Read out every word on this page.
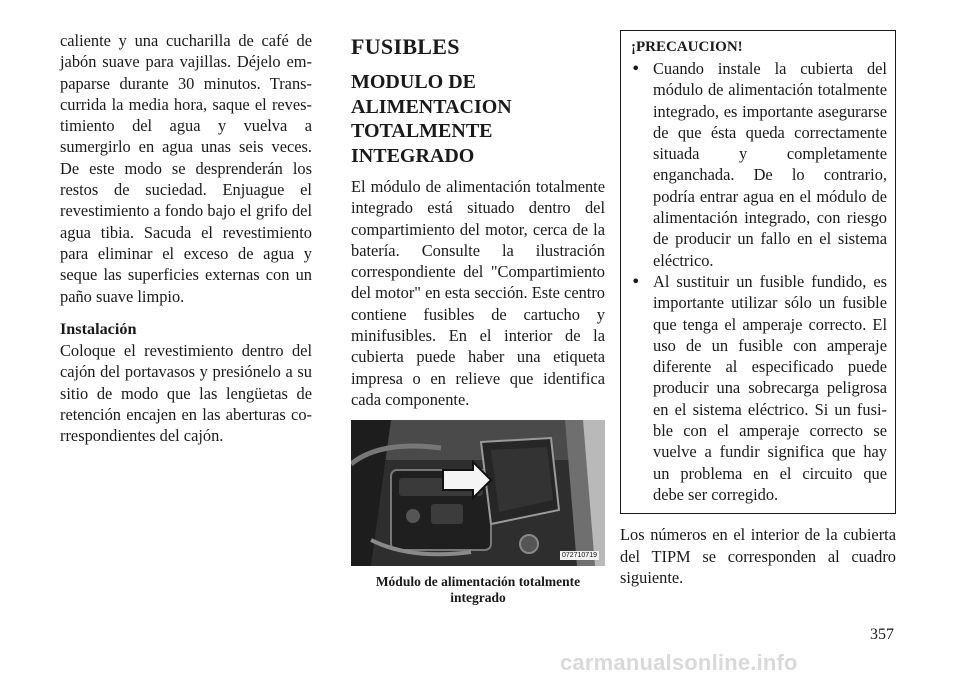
caliente y una cucharilla de café de jabón suave para vajillas. Déjelo empaparse durante 30 minutos. Transcurrida la media hora, saque el revestimiento del agua y vuelva a sumergirlo en agua unas seis veces. De este modo se desprenderán los restos de suciedad. Enjuague el revestimiento a fondo bajo el grifo del agua tibia. Sacuda el revestimiento para eliminar el exceso de agua y seque las superficies externas con un paño suave limpio.

Instalación

Coloque el revestimiento dentro del cajón del portavasos y presiónelo a su sitio de modo que las lengüetas de retención encajen en las aberturas correspondientes del cajón.

FUSIBLES
MODULO DE ALIMENTACION TOTALMENTE INTEGRADO

El módulo de alimentación totalmente integrado está situado dentro del compartimiento del motor, cerca de la batería. Consulte la ilustración correspondiente del "Compartimiento del motor" en esta sección. Este centro contiene fusibles de cartucho y minifusibles. En el interior de la cubierta puede haber una etiqueta impresa o en relieve que identifica cada componente.

072710719
Módulo de alimentación totalmente integrado

¡PRECAUCION!

• Cuando instale la cubierta del módulo de alimentación totalmente integrado, es importante asegurarse de que ésta queda correctamente situada y completamente enganchada. De lo contrario, podría entrar agua en el módulo de alimentación integrado, con riesgo de producir un fallo en el sistema eléctrico.

• Al sustituir un fusible fundido, es importante utilizar sólo un fusible que tenga el amperaje correcto. El uso de un fusible con amperaje diferente al especificado puede producir una sobrecarga peligrosa en el sistema eléctrico. Si un fusible con el amperaje correcto se vuelve a fundir significa que hay un problema en el circuito que debe ser corregido.

Los números en el interior de la cubierta del TIPM se corresponden al cuadro siguiente.

357
carmanualsonline.info
